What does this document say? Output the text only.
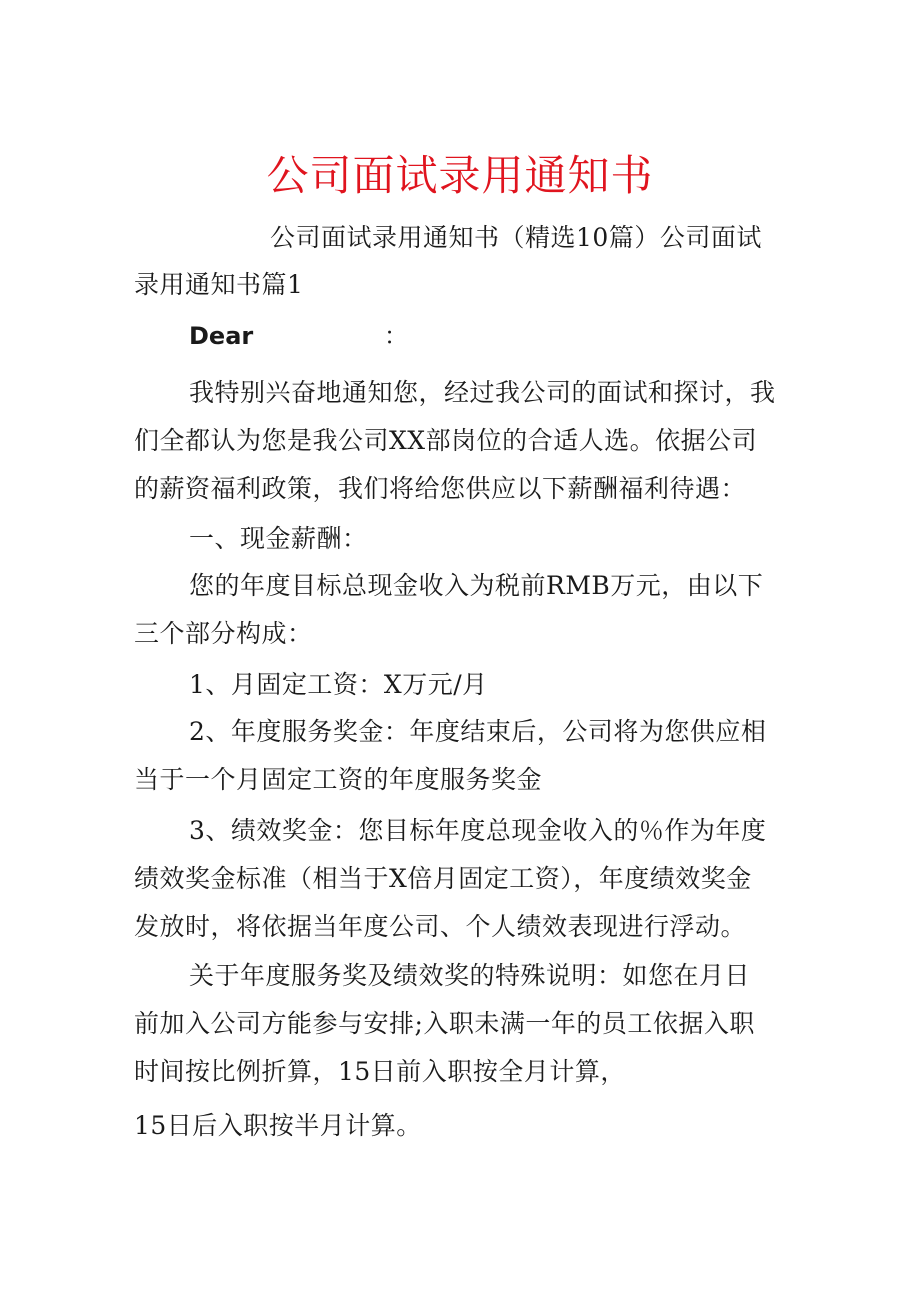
公司面试录用通知书
公司面试录用通知书（精选10篇）公司面试
录用通知书篇1
Dear	：
我特别兴奋地通知您，经过我公司的面试和探讨，我
们全都认为您是我公司XX部岗位的合适人选。依据公司
的薪资福利政策，我们将给您供应以下薪酬福利待遇：
一、现金薪酬：
您的年度目标总现金收入为税前RMB万元，由以下
三个部分构成：
1、月固定工资：X万元/月
2、年度服务奖金：年度结束后，公司将为您供应相
当于一个月固定工资的年度服务奖金
3、绩效奖金：您目标年度总现金收入的％作为年度
绩效奖金标准（相当于X倍月固定工资），年度绩效奖金
发放时，将依据当年度公司、个人绩效表现进行浮动。
关于年度服务奖及绩效奖的特殊说明：如您在月日
前加入公司方能参与安排;入职未满一年的员工依据入职
时间按比例折算，15日前入职按全月计算，
15日后入职按半月计算。
